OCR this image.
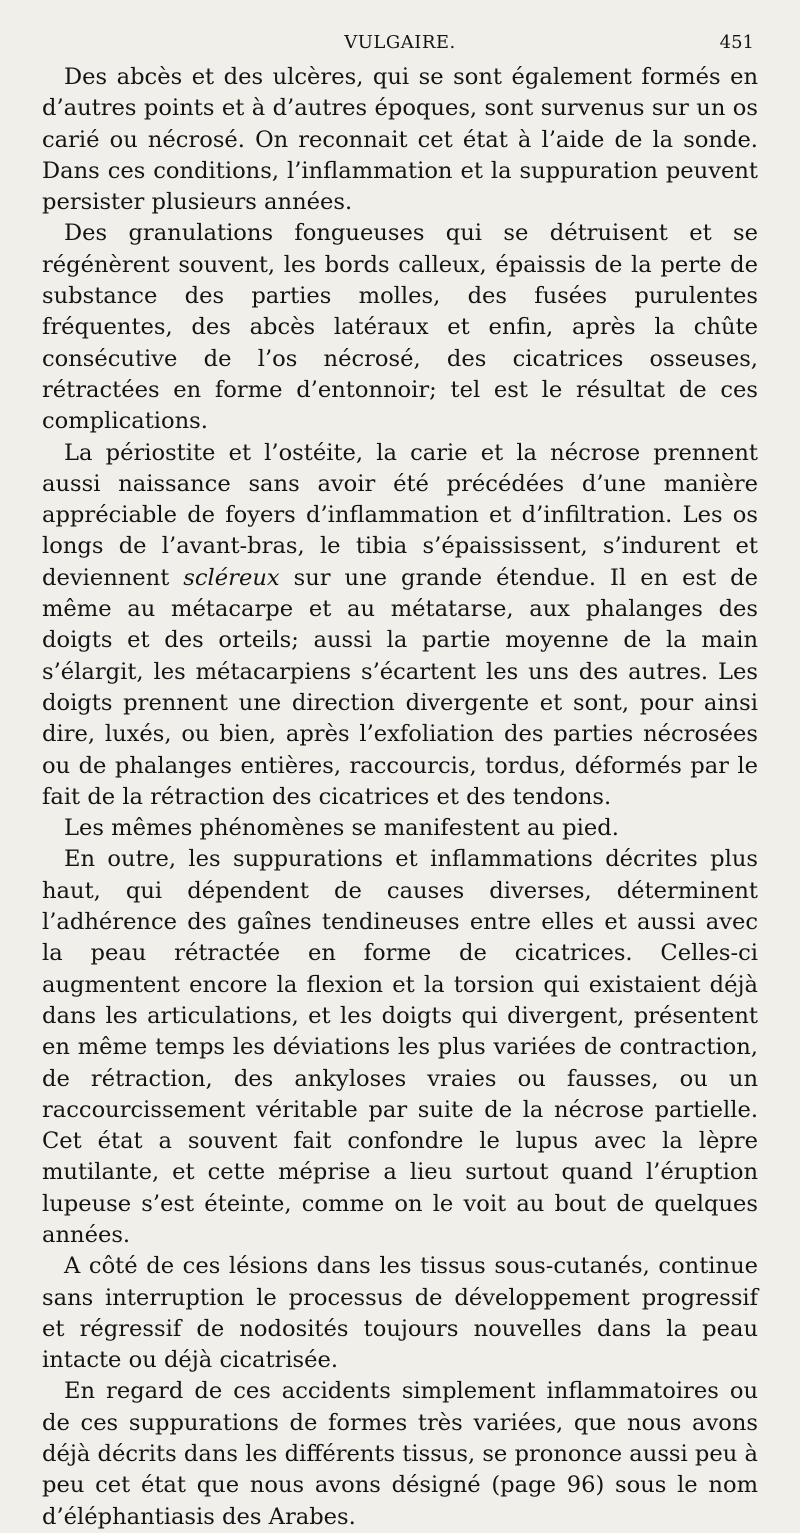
VULGAIRE.	451

Des abcès et des ulcères, qui se sont également formés en d’autres points et à d’autres époques, sont survenus sur un os carié ou nécrosé. On reconnait cet état à l’aide de la sonde. Dans ces conditions, l’inflammation et la suppuration peuvent persister plusieurs années.

Des granulations fongueuses qui se détruisent et se régénèrent souvent, les bords calleux, épaissis de la perte de substance des parties molles, des fusées purulentes fréquentes, des abcès latéraux et enfin, après la chûte consécutive de l’os nécrosé, des cicatrices osseuses, rétractées en forme d’entonnoir; tel est le résultat de ces complications.

La périostite et l’ostéite, la carie et la nécrose prennent aussi naissance sans avoir été précédées d’une manière appréciable de foyers d’inflammation et d’infiltration. Les os longs de l’avant-bras, le tibia s’épaississent, s’indurent et deviennent scléreux sur une grande étendue. Il en est de même au métacarpe et au métatarse, aux phalanges des doigts et des orteils; aussi la partie moyenne de la main s’élargit, les métacarpiens s’écartent les uns des autres. Les doigts prennent une direction divergente et sont, pour ainsi dire, luxés, ou bien, après l’exfoliation des parties nécrosées ou de phalanges entières, raccourcis, tordus, déformés par le fait de la rétraction des cicatrices et des tendons.

Les mêmes phénomènes se manifestent au pied.

En outre, les suppurations et inflammations décrites plus haut, qui dépendent de causes diverses, déterminent l’adhérence des gaînes tendineuses entre elles et aussi avec la peau rétractée en forme de cicatrices. Celles-ci augmentent encore la flexion et la torsion qui existaient déjà dans les articulations, et les doigts qui divergent, présentent en même temps les déviations les plus variées de contraction, de rétraction, des ankyloses vraies ou fausses, ou un raccourcissement véritable par suite de la nécrose partielle. Cet état a souvent fait confondre le lupus avec la lèpre mutilante, et cette méprise a lieu surtout quand l’éruption lupeuse s’est éteinte, comme on le voit au bout de quelques années.

A côté de ces lésions dans les tissus sous-cutanés, continue sans interruption le processus de développement progressif et régressif de nodosités toujours nouvelles dans la peau intacte ou déjà cicatrisée.

En regard de ces accidents simplement inflammatoires ou de ces suppurations de formes très variées, que nous avons déjà décrits dans les différents tissus, se prononce aussi peu à peu cet état que nous avons désigné (page 96) sous le nom d’éléphantiasis des Arabes.
